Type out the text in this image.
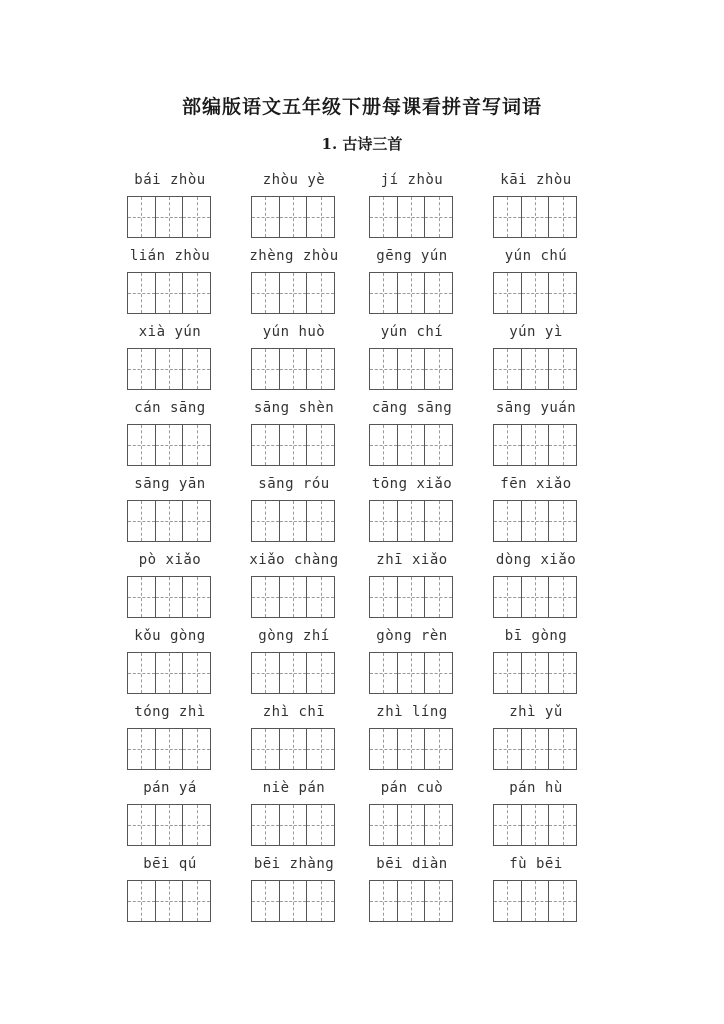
部编版语文五年级下册每课看拼音写词语
1. 古诗三首
bái zhòu	zhòu yè	jí zhòu	kāi zhòu
lián zhòu	zhèng zhòu	gēng yún	yún chú
xià yún	yún huò	yún chí	yún yì
cán sāng	sāng shèn	cāng sāng	sāng yuán
sāng yān	sāng róu	tōng xiǎo	fēn xiǎo
pò xiǎo	xiǎo chàng	zhī xiǎo	dòng xiǎo
kǒu gòng	gòng zhí	gòng rèn	bī gòng
tóng zhì	zhì chī	zhì líng	zhì yǔ
pán yá	niè pán	pán cuò	pán hù
bēi qú	bēi zhàng	bēi diàn	fù bēi
